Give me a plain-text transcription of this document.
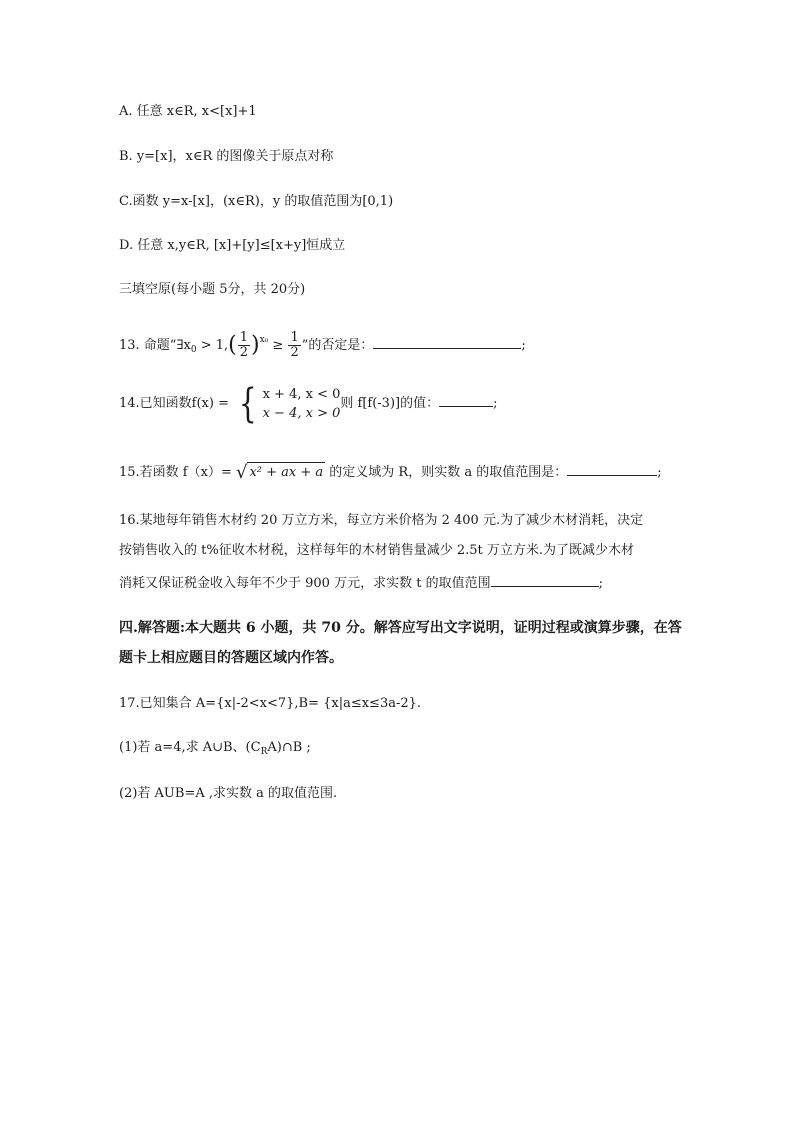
A. 任意 x∈R, x<[x]+1
B. y=[x]，x∈R 的图像关于原点对称
C.函数 y=x-[x]，(x∈R)，y 的取值范围为[0,1)
D. 任意 x,y∈R, [x]+[y]≤[x+y]恒成立
三填空原(每小题 5分，共 20分)
13. 命题“$\exists x_0 > 1,( \frac{1}{2} )^{x_0} \ge \frac{1}{2}$ ”的否定是：	;
14.已知函数f(x) = { x + 4, x < 0
x − 4, x > 0
则 f[f(-3)]的值：	;
15.若函数 f（x）= √ x² + ax + a 的定义域为 R，则实数 a 的取值范围是：	;
16.某地每年销售木材约 20 万立方米，每立方米价格为 2 400 元.为了减少木材消耗，决定
按销售收入的 t%征收木材税，这样每年的木材销售量减少 2.5t 万立方米.为了既减少木材
消耗又保证税金收入每年不少于 900 万元，求实数 t 的取值范围	;
四.解答题:本大题共 6 小题，共 70 分。解答应写出文字说明，证明过程或演算步骤，在答
题卡上相应题目的答题区域内作答。
17.已知集合 A={x|-2<x<7},B= {x|a≤x≤3a-2}.
(1)若 a=4,求 A∪B、$(C_RA)\cap B$ ;
(2)若 AUB=A ,求实数 a 的取值范围.
